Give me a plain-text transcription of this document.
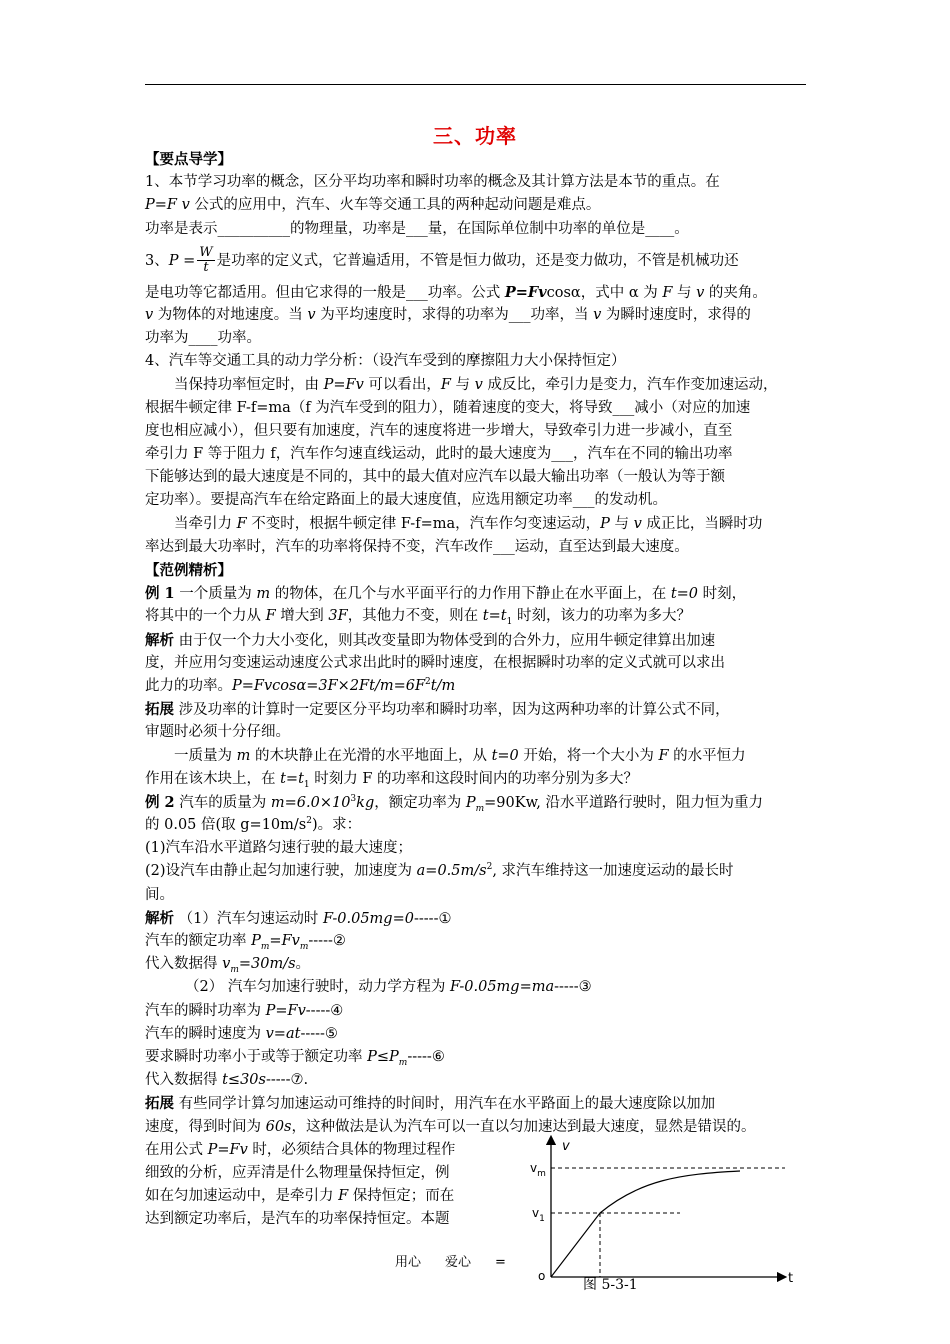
三、功率
【要点导学】
1、本节学习功率的概念，区分平均功率和瞬时功率的概念及其计算方法是本节的重点。在
P=F v 公式的应用中，汽车、火车等交通工具的两种起动问题是难点。
功率是表示__________的物理量，功率是___量，在国际单位制中功率的单位是____。
3、$P = \frac{W}{t}$ 是功率的定义式，它普遍适用，不管是恒力做功，还是变力做功，不管是机械功还
是电功等它都适用。但由它求得的一般是___功率。公式 P=Fvcosα，式中 α 为 F 与 v 的夹角。
v 为物体的对地速度。当 v 为平均速度时，求得的功率为___功率，当 v 为瞬时速度时，求得的
功率为____功率。
4、汽车等交通工具的动力学分析：（设汽车受到的摩擦阻力大小保持恒定）
当保持功率恒定时，由 P=Fv 可以看出，F 与 v 成反比，牵引力是变力，汽车作变加速运动，
根据牛顿定律 F-f=ma（f 为汽车受到的阻力），随着速度的变大，将导致___减小（对应的加速
度也相应减小），但只要有加速度，汽车的速度将进一步增大，导致牵引力进一步减小，直至
牵引力 F 等于阻力 f，汽车作匀速直线运动，此时的最大速度为___，汽车在不同的输出功率
下能够达到的最大速度是不同的，其中的最大值对应汽车以最大输出功率（一般认为等于额
定功率）。要提高汽车在给定路面上的最大速度值，应选用额定功率___的发动机。
当牵引力 F 不变时，根据牛顿定律 F-f=ma，汽车作匀变速运动，P 与 v 成正比，当瞬时功
率达到最大功率时，汽车的功率将保持不变，汽车改作___运动，直至达到最大速度。
【范例精析】
例 1 一个质量为 m 的物体，在几个与水平面平行的力作用下静止在水平面上，在 t=0 时刻，
将其中的一个力从 F 增大到 3F，其他力不变，则在 $t=t_1$ 时刻，该力的功率为多大？
解析 由于仅一个力大小变化，则其改变量即为物体受到的合外力，应用牛顿定律算出加速
度，并应用匀变速运动速度公式求出此时的瞬时速度，在根据瞬时功率的定义式就可以求出
此力的功率。$P=Fvcos\alpha=3F\times 2Ft/m=6F^2t/m$
拓展 涉及功率的计算时一定要区分平均功率和瞬时功率，因为这两种功率的计算公式不同，
审题时必须十分仔细。
一质量为 m 的木块静止在光滑的水平地面上，从 t=0 开始，将一个大小为 F 的水平恒力
作用在该木块上，在 $t=t_1$ 时刻力 F 的功率和这段时间内的功率分别为多大？
例 2 汽车的质量为 $m=6.0\times 10^3kg$，额定功率为 $P_m=90Kw$, 沿水平道路行驶时，阻力恒为重力
的 0.05 倍(取 $g=10m/s^2$)。求：
(1)汽车沿水平道路匀速行驶的最大速度；
(2)设汽车由静止起匀加速行驶，加速度为 $a=0.5m/s^2$, 求汽车维持这一加速度运动的最长时
间。
解析 （1）汽车匀速运动时 F-0.05mg=0-----①
汽车的额定功率 $P_m=Fv_m-----②$
代入数据得 $v_m=30m/s$。
（2） 汽车匀加速行驶时，动力学方程为 F-0.05mg=ma-----③
汽车的瞬时功率为 P=Fv-----④
汽车的瞬时速度为 v=at-----⑤
要求瞬时功率小于或等于额定功率 $P\le P_m-----⑥$
代入数据得 t≤30s-----⑦.
拓展 有些同学计算匀加速运动可维持的时间时，用汽车在水平路面上的最大速度除以加加
速度，得到时间为 60s，这种做法是认为汽车可以一直以匀加速达到最大速度，显然是错误的。
在用公式 P=Fv 时，必须结合具体的物理过程作
细致的分析，应弄清是什么物理量保持恒定，例
如在匀加速运动中，是牵引力 F 保持恒定；而在
达到额定功率后，是汽车的功率保持恒定。本题
v
$v_m$
$v_1$
o	t
用心 爱心 =
图 5-3-1
